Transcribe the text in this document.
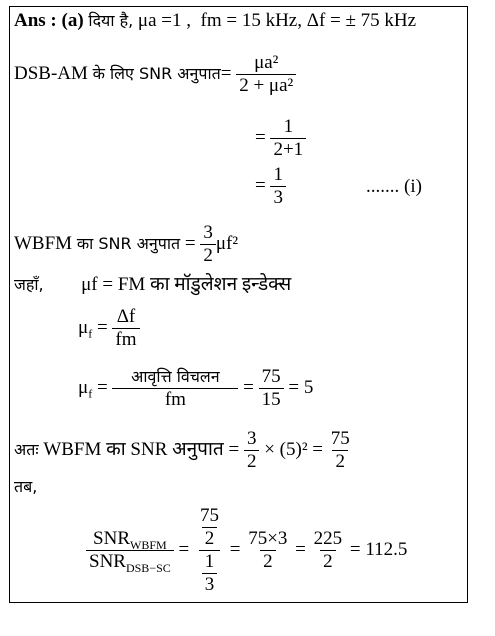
Ans : (a) दिया है, μa =1 ,  fm = 15 kHz, Δf = ± 75 kHz
DSB-AM के लिए SNR अनुपात= $\frac{\text{μa²}}{\text{2 + μa²}}$
= $\frac{1}{2+1}$
= $\frac{1}{3}$	....... (i)
WBFM का SNR अनुपात = $\frac{3}{2} \mu f^2$
जहाँ, μf = FM का मॉडुलेशन इन्डेक्स
$\mu_f = \frac{\Delta f}{fm}$
$\mu_f = \frac{\text{आवृत्ति विचलन}}{fm} = \frac{75}{15} = 5$
अतः WBFM का SNR अनुपात = $\frac{3}{2} \times (5)^2 = \frac{75}{2}$
तब,
$\frac{SNR_{WBFM}}{SNR_{DSB-SC}} = \frac{\frac{75}{2}}{\frac{1}{3}} = \frac{75\times 3}{2} = \frac{225}{2} = 112.5$
